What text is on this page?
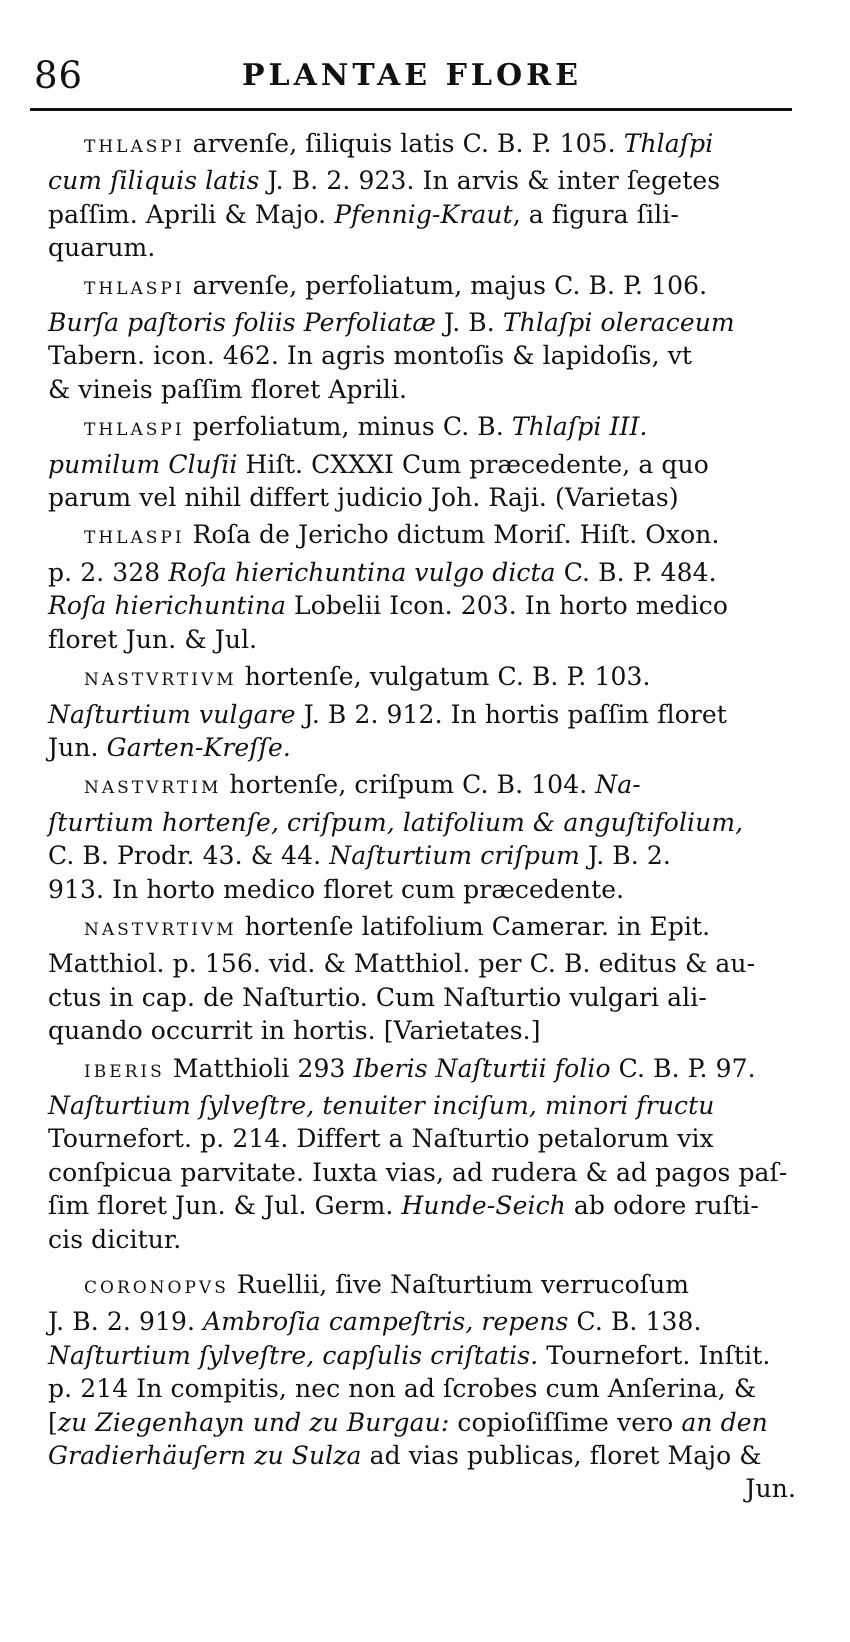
86	PLANTAE FLORE
THLASPI arvenſe, ſiliquis latis C. B. P. 105. Thlaſpi
cum ſiliquis latis J. B. 2. 923. In arvis & inter ſegetes
paſſim. Aprili & Majo. Pfennig-Kraut, a figura ſili-
quarum.
THLASPI arvenſe, perfoliatum, majus C. B. P. 106.
Burſa paſtoris foliis Perfoliatæ J. B. Thlaſpi oleraceum
Tabern. icon. 462. In agris montoſis & lapidoſis, vt
& vineis paſſim floret Aprili.
THLASPI perfoliatum, minus C. B. Thlaſpi III.
pumilum Cluſii Hiſt. CXXXI Cum præcedente, a quo
parum vel nihil differt judicio Joh. Raji. (Varietas)
THLASPI Roſa de Jericho dictum Moriſ. Hiſt. Oxon.
p. 2. 328 Roſa hierichuntina vulgo dicta C. B. P. 484.
Roſa hierichuntina Lobelii Icon. 203. In horto medico
floret Jun. & Jul.
NASTVRTIVM hortenſe, vulgatum C. B. P. 103.
Naſturtium vulgare J. B 2. 912. In hortis paſſim floret
Jun. Garten-Kreſſe.
NASTVRTIM hortenſe, criſpum C. B. 104. Na-
ſturtium hortenſe, criſpum, latifolium & anguſtifolium,
C. B. Prodr. 43. & 44. Naſturtium criſpum J. B. 2.
913. In horto medico floret cum præcedente.
NASTVRTIVM hortenſe latifolium Camerar. in Epit.
Matthiol. p. 156. vid. & Matthiol. per C. B. editus & au-
ctus in cap. de Naſturtio. Cum Naſturtio vulgari ali-
quando occurrit in hortis. [Varietates.]
IBERIS Matthioli 293 Iberis Naſturtii folio C. B. P. 97.
Naſturtium ſylveſtre, tenuiter inciſum, minori fructu
Tournefort. p. 214. Differt a Naſturtio petalorum vix
conſpicua parvitate. Iuxta vias, ad rudera & ad pagos paſ-
ſim floret Jun. & Jul. Germ. Hunde-Seich ab odore ruſti-
cis dicitur.
CORONOPVS Ruellii, ſive Naſturtium verrucoſum
J. B. 2. 919. Ambroſia campeſtris, repens C. B. 138.
Naſturtium ſylveſtre, capſulis criſtatis. Tournefort. Inſtit.
p. 214 In compitis, nec non ad ſcrobes cum Anſerina, &
[zu Ziegenhayn und zu Burgau: copioſiſſime vero an den
Gradierhäuſern zu Sulza ad vias publicas, floret Majo &
Jun.
